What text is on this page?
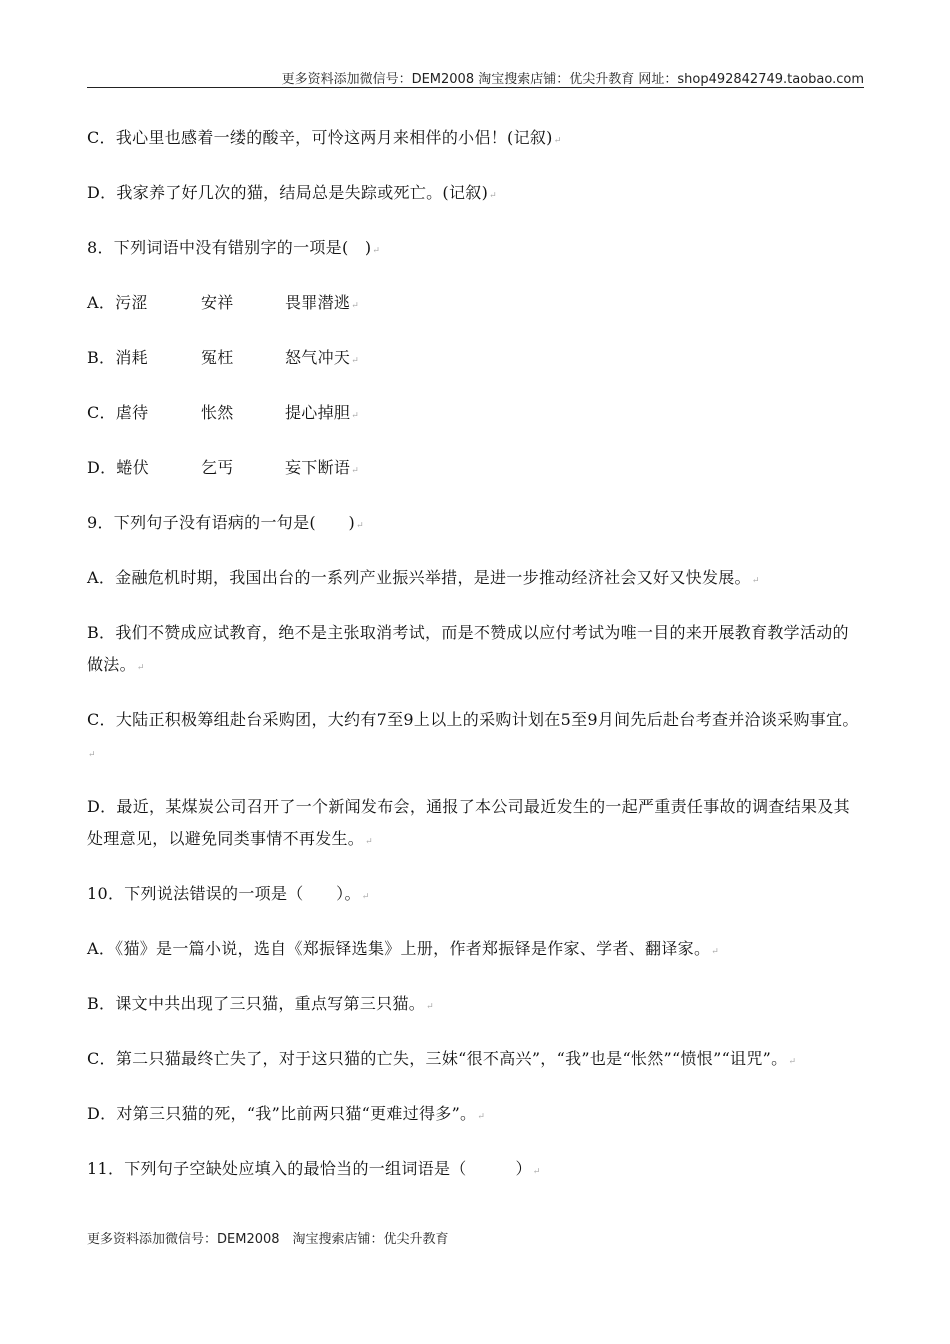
更多资料添加微信号：DEM2008 淘宝搜索店铺：优尖升教育 网址：shop492842749.taobao.com
C．我心里也感着一缕的酸辛，可怜这两月来相伴的小侣！(记叙)↵
D．我家养了好几次的猫，结局总是失踪或死亡。(记叙)↵
8．下列词语中没有错别字的一项是(　)↵
A．污涩	安祥	畏罪潜逃↵
B．消耗	冤枉	怒气冲天↵
C．虐待	怅然	提心掉胆↵
D．蜷伏	乞丐	妄下断语↵
9．下列句子没有语病的一句是(　　)↵
A．金融危机时期，我国出台的一系列产业振兴举措，是进一步推动经济社会又好又快发展。↵
B．我们不赞成应试教育，绝不是主张取消考试，而是不赞成以应付考试为唯一目的来开展教育教学活动的做法。↵
C．大陆正积极筹组赴台采购团，大约有7至9上以上的采购计划在5至9月间先后赴台考查并洽谈采购事宜。↵
D．最近，某煤炭公司召开了一个新闻发布会，通报了本公司最近发生的一起严重责任事故的调查结果及其处理意见，以避免同类事情不再发生。↵
10．下列说法错误的一项是（　　）。↵
A．《猫》是一篇小说，选自《郑振铎选集》上册，作者郑振铎是作家、学者、翻译家。↵
B．课文中共出现了三只猫，重点写第三只猫。↵
C．第二只猫最终亡失了，对于这只猫的亡失，三妹“很不高兴”，“我”也是“怅然”“愤恨”“诅咒”。↵
D．对第三只猫的死，“我”比前两只猫“更难过得多”。↵
11．下列句子空缺处应填入的最恰当的一组词语是（　　　）↵
更多资料添加微信号：DEM2008　淘宝搜索店铺：优尖升教育
